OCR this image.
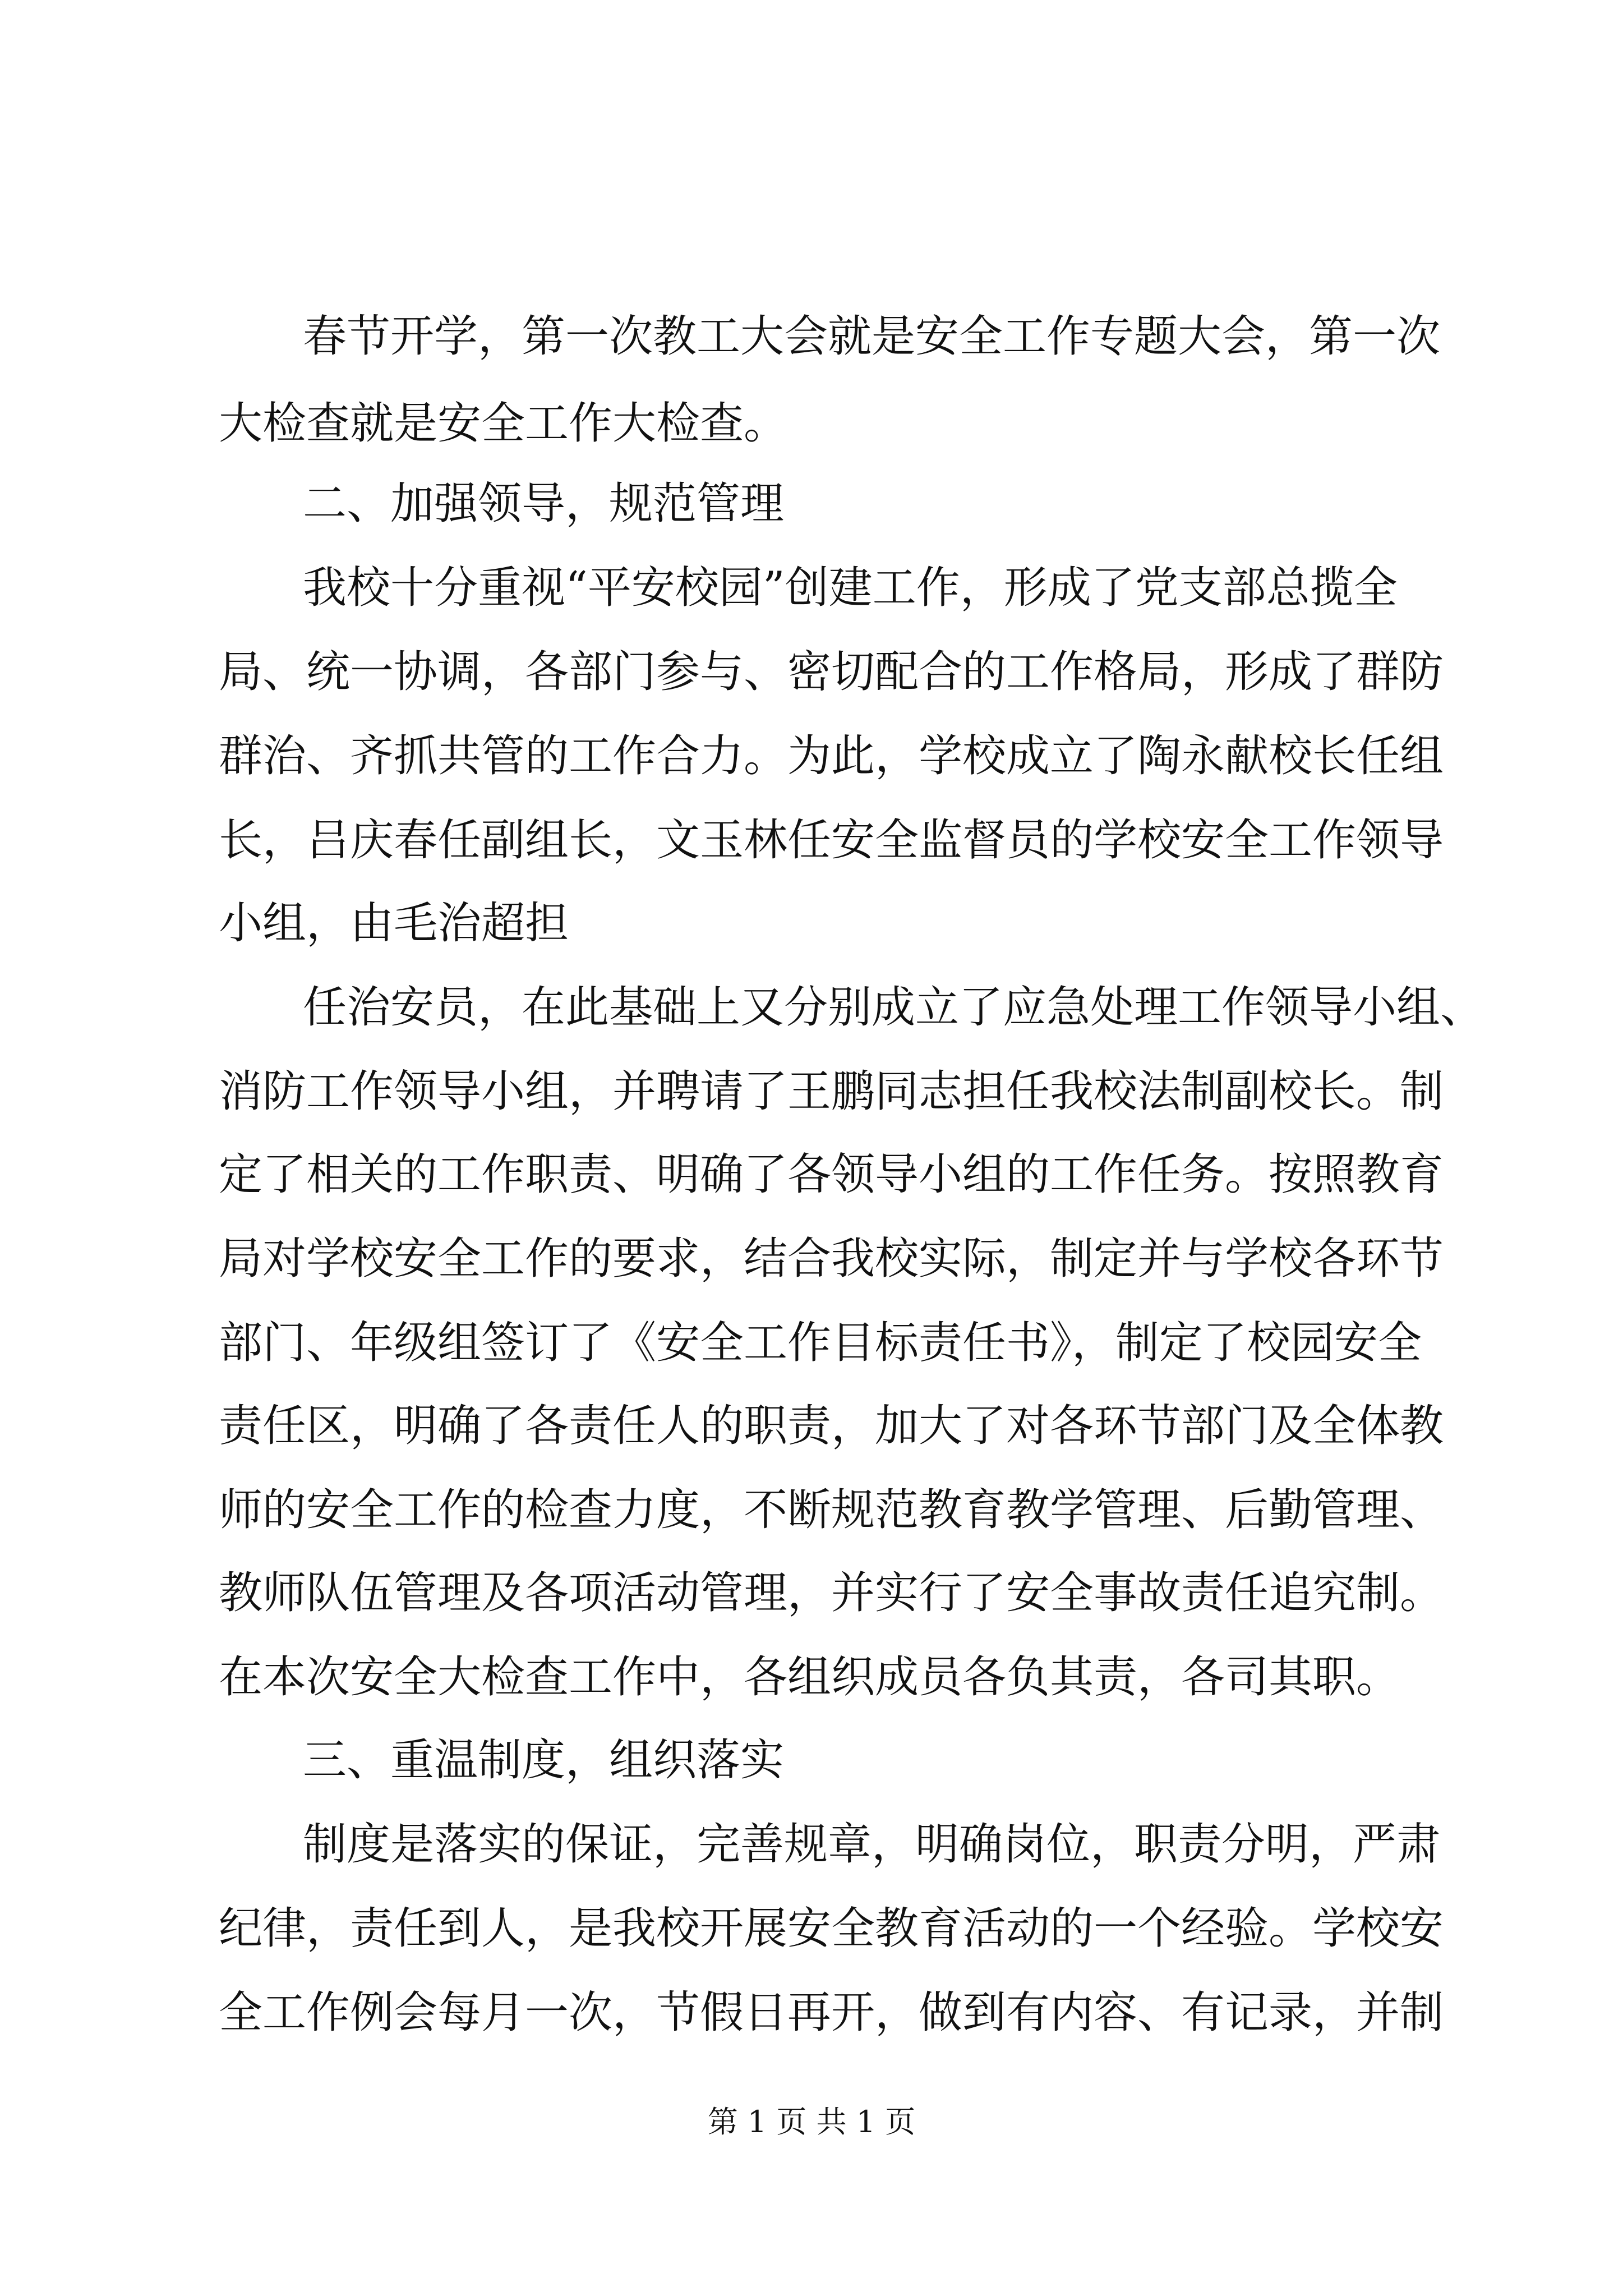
春节开学，第一次教工大会就是安全工作专题大会，第一次
大检查就是安全工作大检查。
二、加强领导，规范管理
我校十分重视“平安校园”创建工作，形成了党支部总揽全
局、统一协调，各部门参与、密切配合的工作格局，形成了群防
群治、齐抓共管的工作合力。为此，学校成立了陶永献校长任组
长，吕庆春任副组长，文玉林任安全监督员的学校安全工作领导
小组，由毛治超担
任治安员，在此基础上又分别成立了应急处理工作领导小组、
消防工作领导小组，并聘请了王鹏同志担任我校法制副校长。制
定了相关的工作职责、明确了各领导小组的工作任务。按照教育
局对学校安全工作的要求，结合我校实际，制定并与学校各环节
部门、年级组签订了《安全工作目标责任书》，制定了校园安全
责任区，明确了各责任人的职责，加大了对各环节部门及全体教
师的安全工作的检查力度，不断规范教育教学管理、后勤管理、
教师队伍管理及各项活动管理，并实行了安全事故责任追究制。
在本次安全大检查工作中，各组织成员各负其责，各司其职。
三、重温制度，组织落实
制度是落实的保证，完善规章，明确岗位，职责分明，严肃
纪律，责任到人，是我校开展安全教育活动的一个经验。学校安
全工作例会每月一次，节假日再开，做到有内容、有记录，并制
第 1 页 共 1 页
